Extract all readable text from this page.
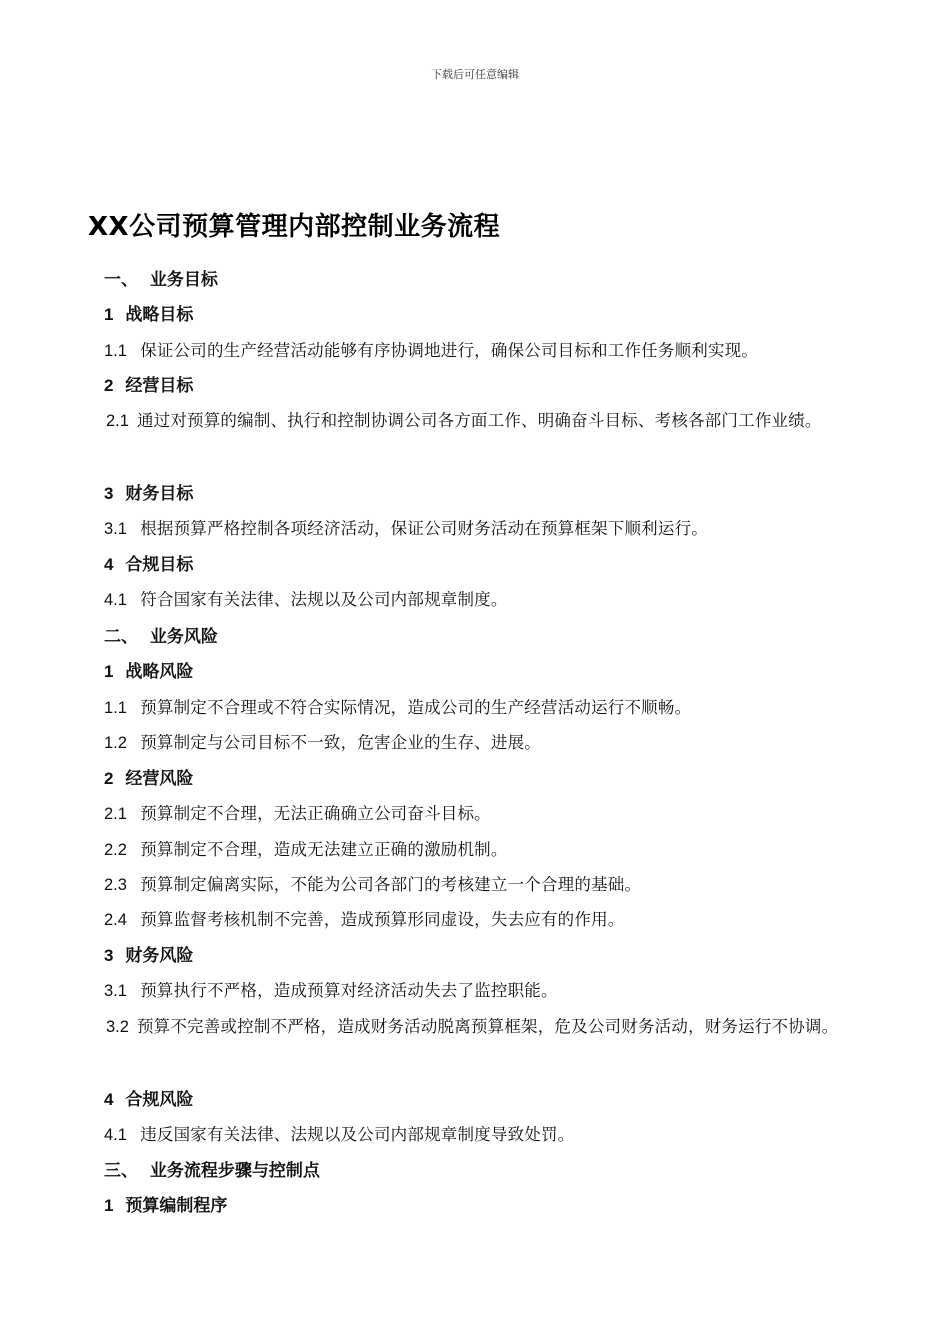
下载后可任意编辑
XX公司预算管理内部控制业务流程
一、 业务目标
1 战略目标
1.1 保证公司的生产经营活动能够有序协调地进行，确保公司目标和工作任务顺利实现。
2 经营目标
2.1 通过对预算的编制、执行和控制协调公司各方面工作、明确奋斗目标、考核各部门工作业绩。
3 财务目标
3.1 根据预算严格控制各项经济活动，保证公司财务活动在预算框架下顺利运行。
4 合规目标
4.1 符合国家有关法律、法规以及公司内部规章制度。
二、 业务风险
1 战略风险
1.1 预算制定不合理或不符合实际情况，造成公司的生产经营活动运行不顺畅。
1.2 预算制定与公司目标不一致，危害企业的生存、进展。
2 经营风险
2.1 预算制定不合理，无法正确确立公司奋斗目标。
2.2 预算制定不合理，造成无法建立正确的激励机制。
2.3 预算制定偏离实际，不能为公司各部门的考核建立一个合理的基础。
2.4 预算监督考核机制不完善，造成预算形同虚设，失去应有的作用。
3 财务风险
3.1 预算执行不严格，造成预算对经济活动失去了监控职能。
3.2 预算不完善或控制不严格，造成财务活动脱离预算框架，危及公司财务活动，财务运行不协调。
4 合规风险
4.1 违反国家有关法律、法规以及公司内部规章制度导致处罚。
三、 业务流程步骤与控制点
1 预算编制程序
